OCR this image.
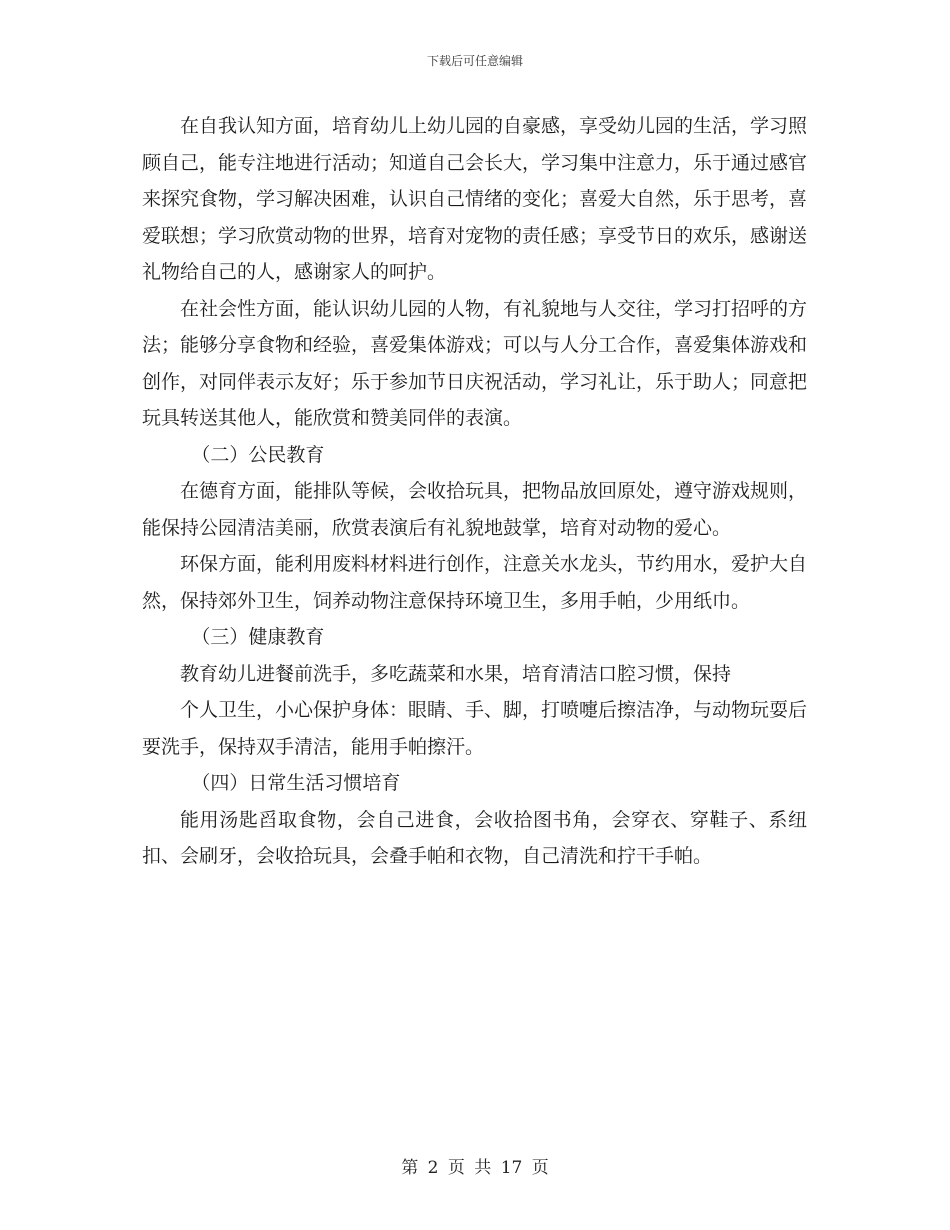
下载后可任意编辑

在自我认知方面，培育幼儿上幼儿园的自豪感，享受幼儿园的生活，学习照顾自己，能专注地进行活动；知道自己会长大，学习集中注意力，乐于通过感官来探究食物，学习解决困难，认识自己情绪的变化；喜爱大自然，乐于思考，喜爱联想；学习欣赏动物的世界，培育对宠物的责任感；享受节日的欢乐，感谢送礼物给自己的人，感谢家人的呵护。

在社会性方面，能认识幼儿园的人物，有礼貌地与人交往，学习打招呼的方法；能够分享食物和经验，喜爱集体游戏；可以与人分工合作，喜爱集体游戏和创作，对同伴表示友好；乐于参加节日庆祝活动，学习礼让，乐于助人；同意把玩具转送其他人，能欣赏和赞美同伴的表演。

（二）公民教育

在德育方面，能排队等候，会收拾玩具，把物品放回原处，遵守游戏规则，能保持公园清洁美丽，欣赏表演后有礼貌地鼓掌，培育对动物的爱心。

环保方面，能利用废料材料进行创作，注意关水龙头，节约用水，爱护大自然，保持郊外卫生，饲养动物注意保持环境卫生，多用手帕，少用纸巾。

（三）健康教育

教育幼儿进餐前洗手，多吃蔬菜和水果，培育清洁口腔习惯，保持

个人卫生，小心保护身体：眼睛、手、脚，打喷嚏后擦洁净，与动物玩耍后要洗手，保持双手清洁，能用手帕擦汗。

（四）日常生活习惯培育

能用汤匙舀取食物，会自己进食，会收拾图书角，会穿衣、穿鞋子、系纽扣、会刷牙，会收拾玩具，会叠手帕和衣物，自己清洗和拧干手帕。

第 2 页 共 17 页
